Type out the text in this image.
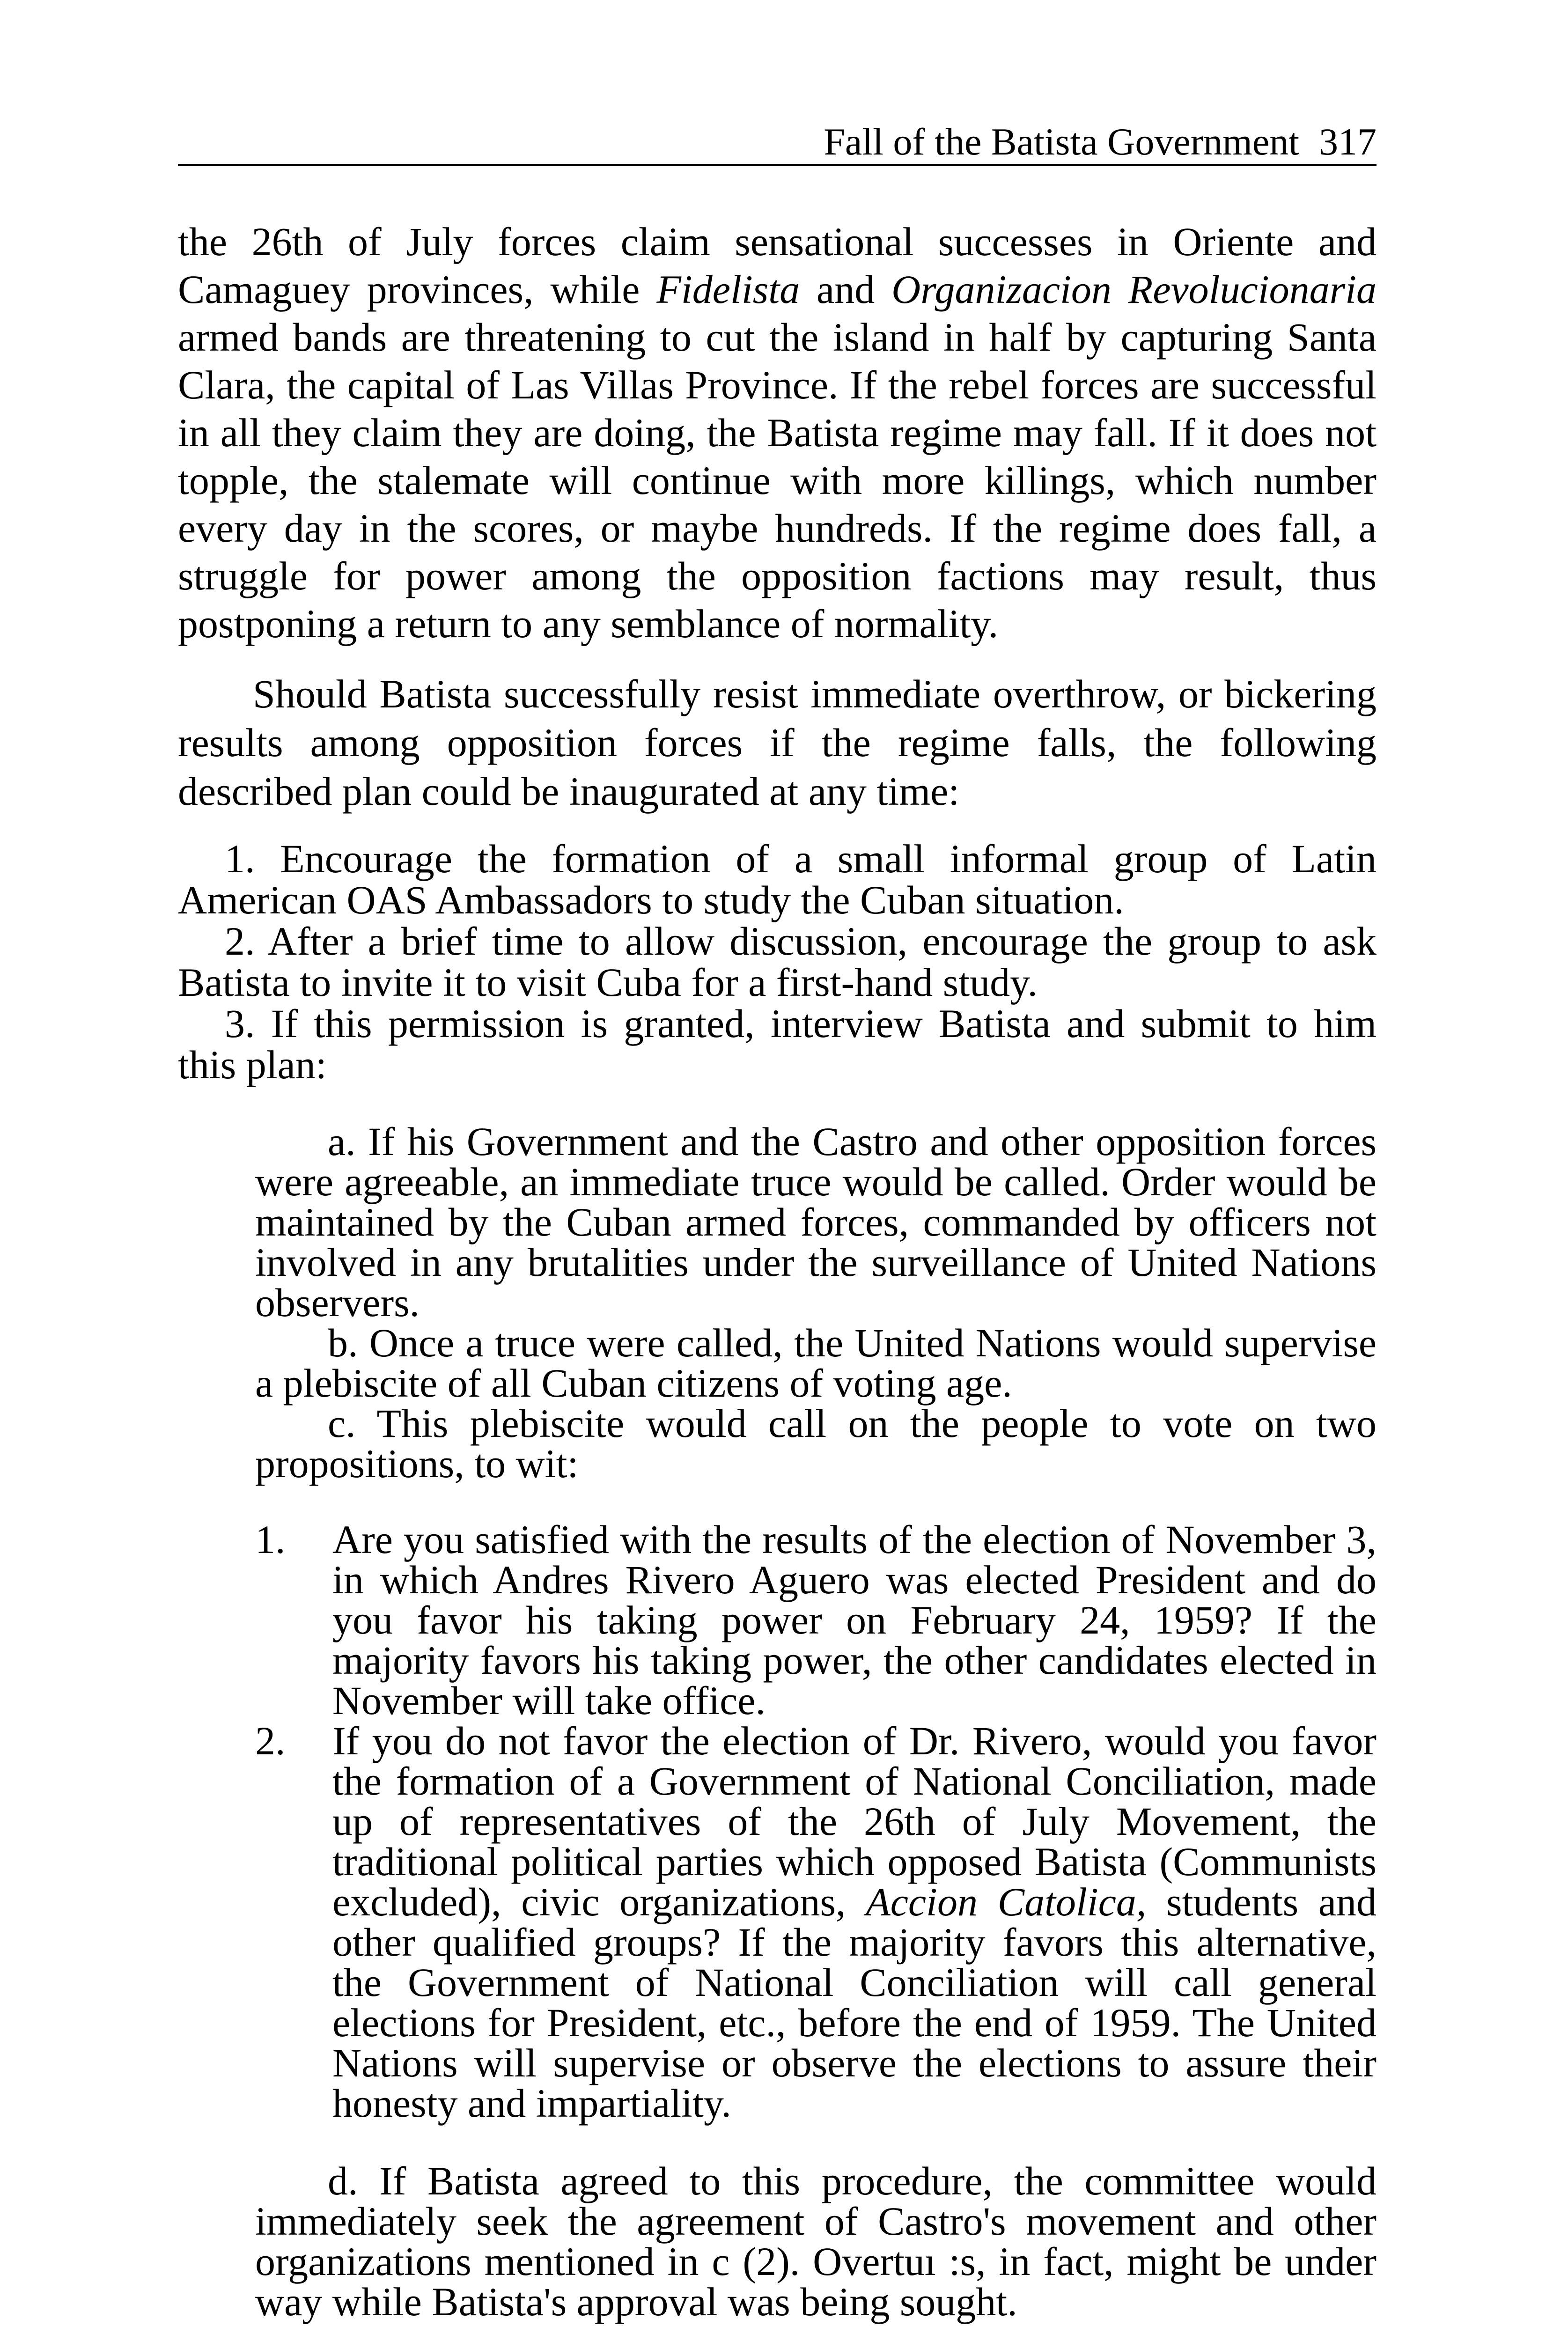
Fall of the Batista Government 317

the 26th of July forces claim sensational successes in Oriente and Camaguey provinces, while Fidelista and Organizacion Revolucionaria armed bands are threatening to cut the island in half by capturing Santa Clara, the capital of Las Villas Province. If the rebel forces are successful in all they claim they are doing, the Batista regime may fall. If it does not topple, the stalemate will continue with more killings, which number every day in the scores, or maybe hundreds. If the regime does fall, a struggle for power among the opposition factions may result, thus postponing a return to any semblance of normality.

Should Batista successfully resist immediate overthrow, or bickering results among opposition forces if the regime falls, the following described plan could be inaugurated at any time:

1. Encourage the formation of a small informal group of Latin American OAS Ambassadors to study the Cuban situation.

2. After a brief time to allow discussion, encourage the group to ask Batista to invite it to visit Cuba for a first-hand study.

3. If this permission is granted, interview Batista and submit to him this plan:

a. If his Government and the Castro and other opposition forces were agreeable, an immediate truce would be called. Order would be maintained by the Cuban armed forces, commanded by officers not involved in any brutalities under the surveillance of United Nations observers.

b. Once a truce were called, the United Nations would supervise a plebiscite of all Cuban citizens of voting age.

c. This plebiscite would call on the people to vote on two propositions, to wit:

1. Are you satisfied with the results of the election of November 3, in which Andres Rivero Aguero was elected President and do you favor his taking power on February 24, 1959? If the majority favors his taking power, the other candidates elected in November will take office.
2. If you do not favor the election of Dr. Rivero, would you favor the formation of a Government of National Conciliation, made up of representatives of the 26th of July Movement, the traditional political parties which opposed Batista (Communists excluded), civic organizations, Accion Catolica, students and other qualified groups? If the majority favors this alternative, the Government of National Conciliation will call general elections for President, etc., before the end of 1959. The United Nations will supervise or observe the elections to assure their honesty and impartiality.

d. If Batista agreed to this procedure, the committee would immediately seek the agreement of Castro'ѕ movement and other organizations mentioned in c (2). Overtuı :s, in fact, might be under way while Batista's approval was being sought.
